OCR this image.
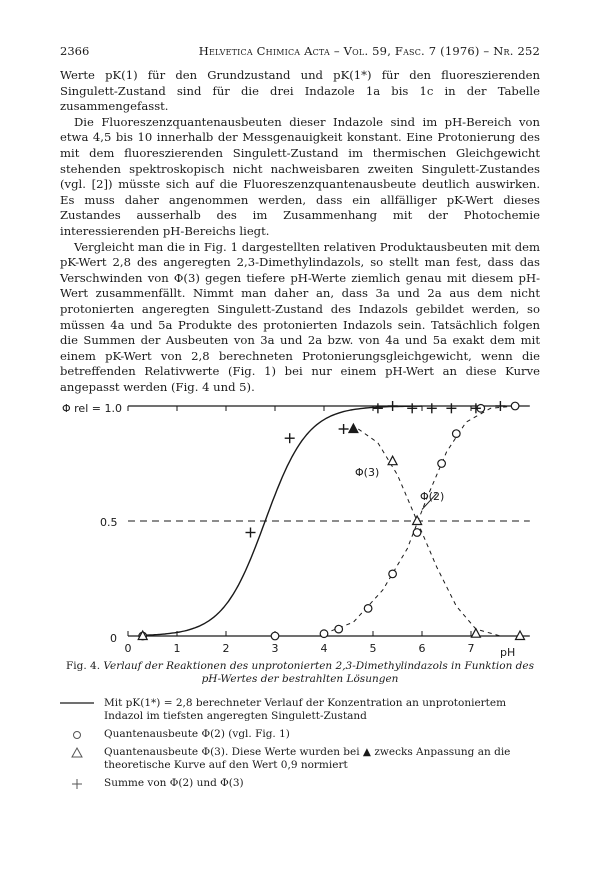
2366	Helvetica Chimica Acta – Vol. 59, Fasc. 7 (1976) – Nr. 252

Werte pK(1) für den Grundzustand und pK(1*) für den fluoreszierenden Singulett-Zustand sind für die drei Indazole 1a bis 1c in der Tabelle zusammengefasst.

Die Fluoreszenzquantenausbeuten dieser Indazole sind im pH-Bereich von etwa 4,5 bis 10 innerhalb der Messgenauigkeit konstant. Eine Protonierung des mit dem fluoreszierenden Singulett-Zustand im thermischen Gleichgewicht stehenden spektroskopisch nicht nachweisbaren zweiten Singulett-Zustandes (vgl. [2]) müsste sich auf die Fluoreszenzquantenausbeute deutlich auswirken. Es muss daher angenommen werden, dass ein allfälliger pK-Wert dieses Zustandes ausserhalb des im Zusammenhang mit der Photochemie interessierenden pH-Bereichs liegt.

Vergleicht man die in Fig. 1 dargestellten relativen Produktausbeuten mit dem pK-Wert 2,8 des angeregten 2,3-Dimethylindazols, so stellt man fest, dass das Verschwinden von Φ(3) gegen tiefere pH-Werte ziemlich genau mit diesem pH-Wert zusammenfällt. Nimmt man daher an, dass 3a und 2a aus dem nicht protonierten angeregten Singulett-Zustand des Indazols gebildet werden, so müssen 4a und 5a Produkte des protonierten Indazols sein. Tatsächlich folgen die Summen der Ausbeuten von 3a und 2a bzw. von 4a und 5a exakt dem mit einem pK-Wert von 2,8 berechneten Protonierungsgleichgewicht, wenn die betreffenden Relativwerte (Fig. 1) bei nur einem pH-Wert an diese Kurve angepasst werden (Fig. 4 und 5).

0	1	2	3	4	5	6	7
Φ rel = 1.0
0.5
0
pH
Φ(3)
Φ(2)
Fig. 4. Verlauf der Reaktionen des unprotonierten 2,3-Dimethylindazols in Funktion des pH-Wertes der bestrahlten Lösungen
Mit pK(1*) = 2,8 berechneter Verlauf der Konzentration an unprotoniertem Indazol im tiefsten angeregten Singulett-Zustand
Quantenausbeute Φ(2) (vgl. Fig. 1)
Quantenausbeute Φ(3). Diese Werte wurden bei ▲ zwecks Anpassung an die theoretische Kurve auf den Wert 0,9 normiert
Summe von Φ(2) und Φ(3)
